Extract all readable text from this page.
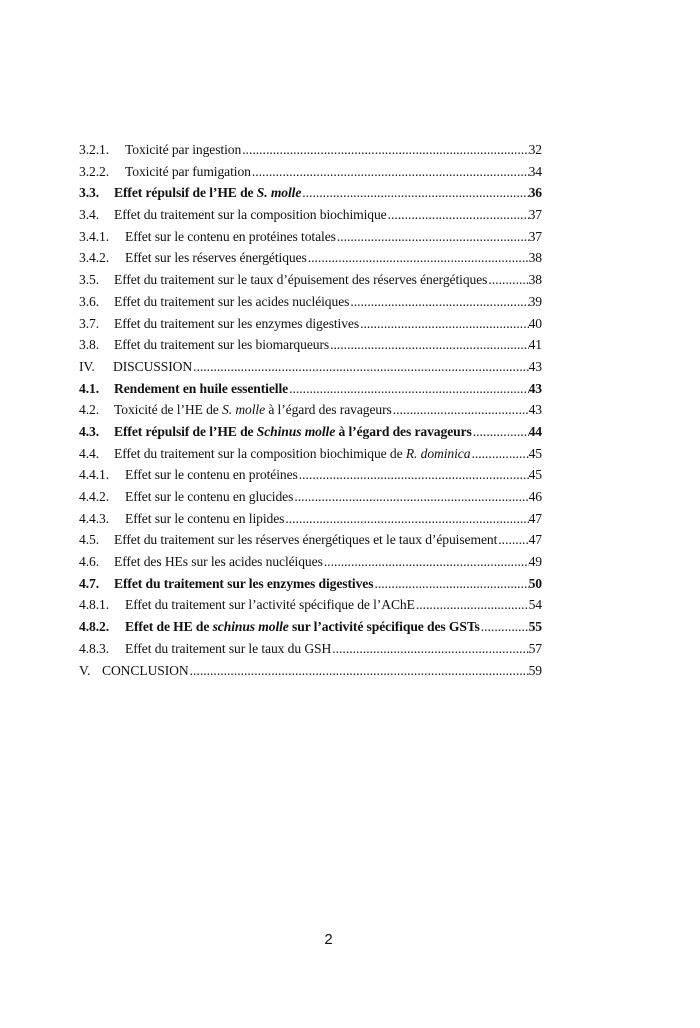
3.2.1.	Toxicité par ingestion .....	32
3.2.2.	Toxicité par fumigation .....	34
3.3.	Effet répulsif de l’HE de S. molle .....	36
3.4.	Effet du traitement sur la composition biochimique .....	37
3.4.1.	Effet sur le contenu en protéines totales .....	37
3.4.2.	Effet sur les réserves énergétiques .....	38
3.5.	Effet du traitement sur le taux d’épuisement des réserves énergétiques .....	38
3.6.	Effet du traitement sur les acides nucléiques .....	39
3.7.	Effet du traitement sur les enzymes digestives .....	40
3.8.	Effet du traitement sur les biomarqueurs .....	41
IV.	DISCUSSION .....	43
4.1.	Rendement en huile essentielle .....	43
4.2.	Toxicité de l’HE de S. molle à l’égard des ravageurs .....	43
4.3.	Effet répulsif de l’HE de Schinus molle à l’égard des ravageurs .....	44
4.4.	Effet du traitement sur la composition biochimique de R. dominica .....	45
4.4.1.	Effet sur le contenu en protéines .....	45
4.4.2.	Effet sur le contenu en glucides .....	46
4.4.3.	Effet sur le contenu en lipides .....	47
4.5.	Effet du traitement sur les réserves énergétiques et le taux d’épuisement ..... 47
4.6.	Effet des HEs sur les acides nucléiques .....	49
4.7.	Effet du traitement sur les enzymes digestives .....	50
4.8.1.	Effet du traitement sur l’activité spécifique de l’AChE .....	54
4.8.2.	Effet de HE de schinus molle sur l’activité spécifique des GSTs .....	55
4.8.3.	Effet du traitement sur le taux du GSH .....	57
V. CONCLUSION .....	59
2
